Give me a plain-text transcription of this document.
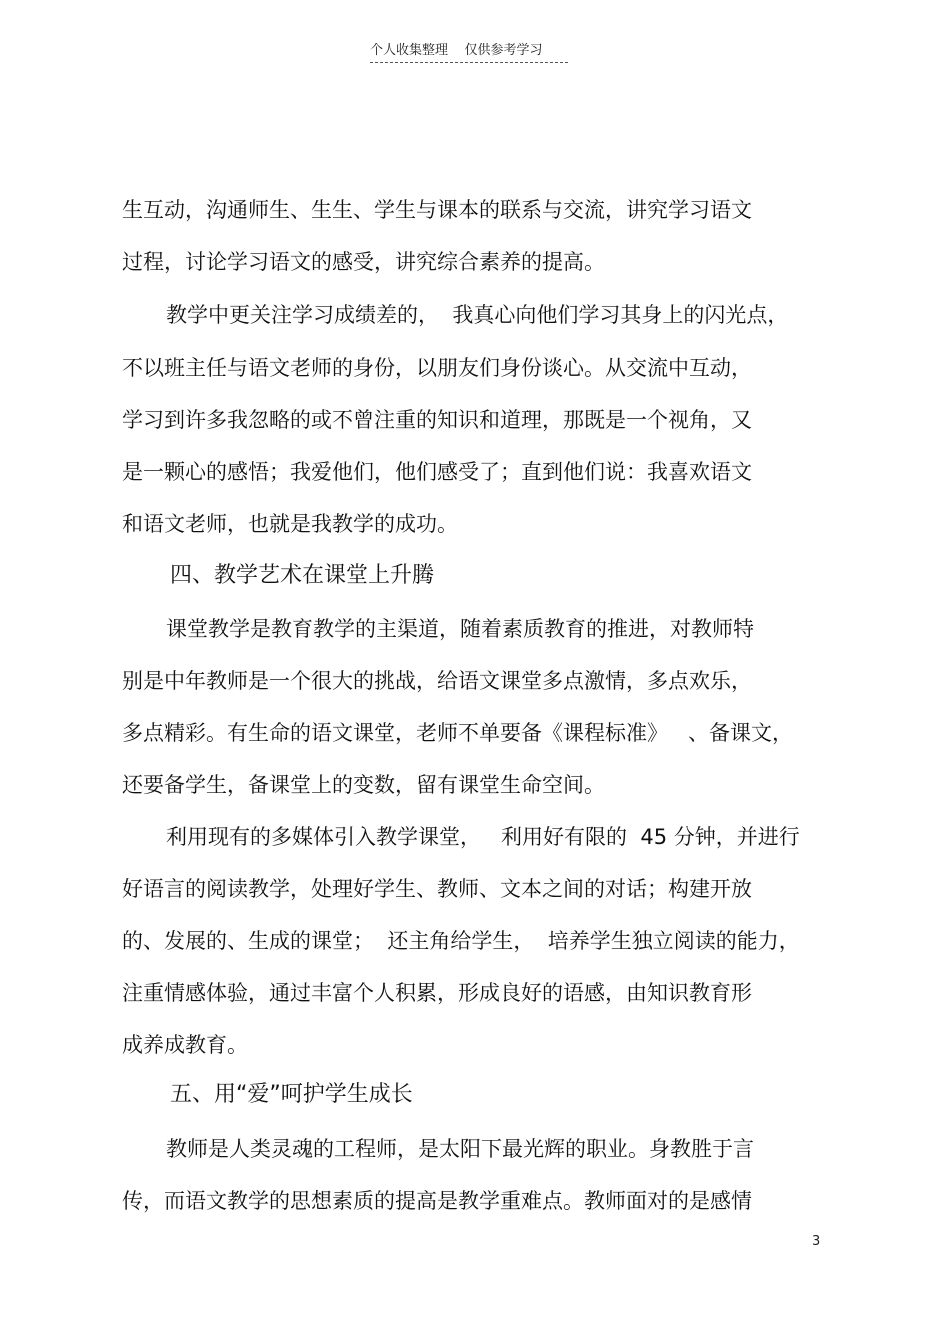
个人收集整理    仅供参考学习
生互动，沟通师生、生生、学生与课本的联系与交流，讲究学习语文
过程，讨论学习语文的感受，讲究综合素养的提高。
教学中更关注学习成绩差的，  我真心向他们学习其身上的闪光点，
不以班主任与语文老师的身份，以朋友们身份谈心。从交流中互动，
学习到许多我忽略的或不曾注重的知识和道理，那既是一个视角，又
是一颗心的感悟；我爱他们，他们感受了；直到他们说：我喜欢语文
和语文老师，也就是我教学的成功。
四、教学艺术在课堂上升腾
课堂教学是教育教学的主渠道，随着素质教育的推进，对教师特
别是中年教师是一个很大的挑战，给语文课堂多点激情，多点欢乐，
多点精彩。有生命的语文课堂，老师不单要备《课程标准》   、备课文，
还要备学生，备课堂上的变数，留有课堂生命空间。
利用现有的多媒体引入教学课堂，   利用好有限的  45 分钟，并进行
好语言的阅读教学，处理好学生、教师、文本之间的对话；构建开放
的、发展的、生成的课堂；  还主角给学生，  培养学生独立阅读的能力，
注重情感体验，通过丰富个人积累，形成良好的语感，由知识教育形
成养成教育。
五、用“爱”呵护学生成长
教师是人类灵魂的工程师，是太阳下最光辉的职业。身教胜于言
传，而语文教学的思想素质的提高是教学重难点。教师面对的是感情
3
